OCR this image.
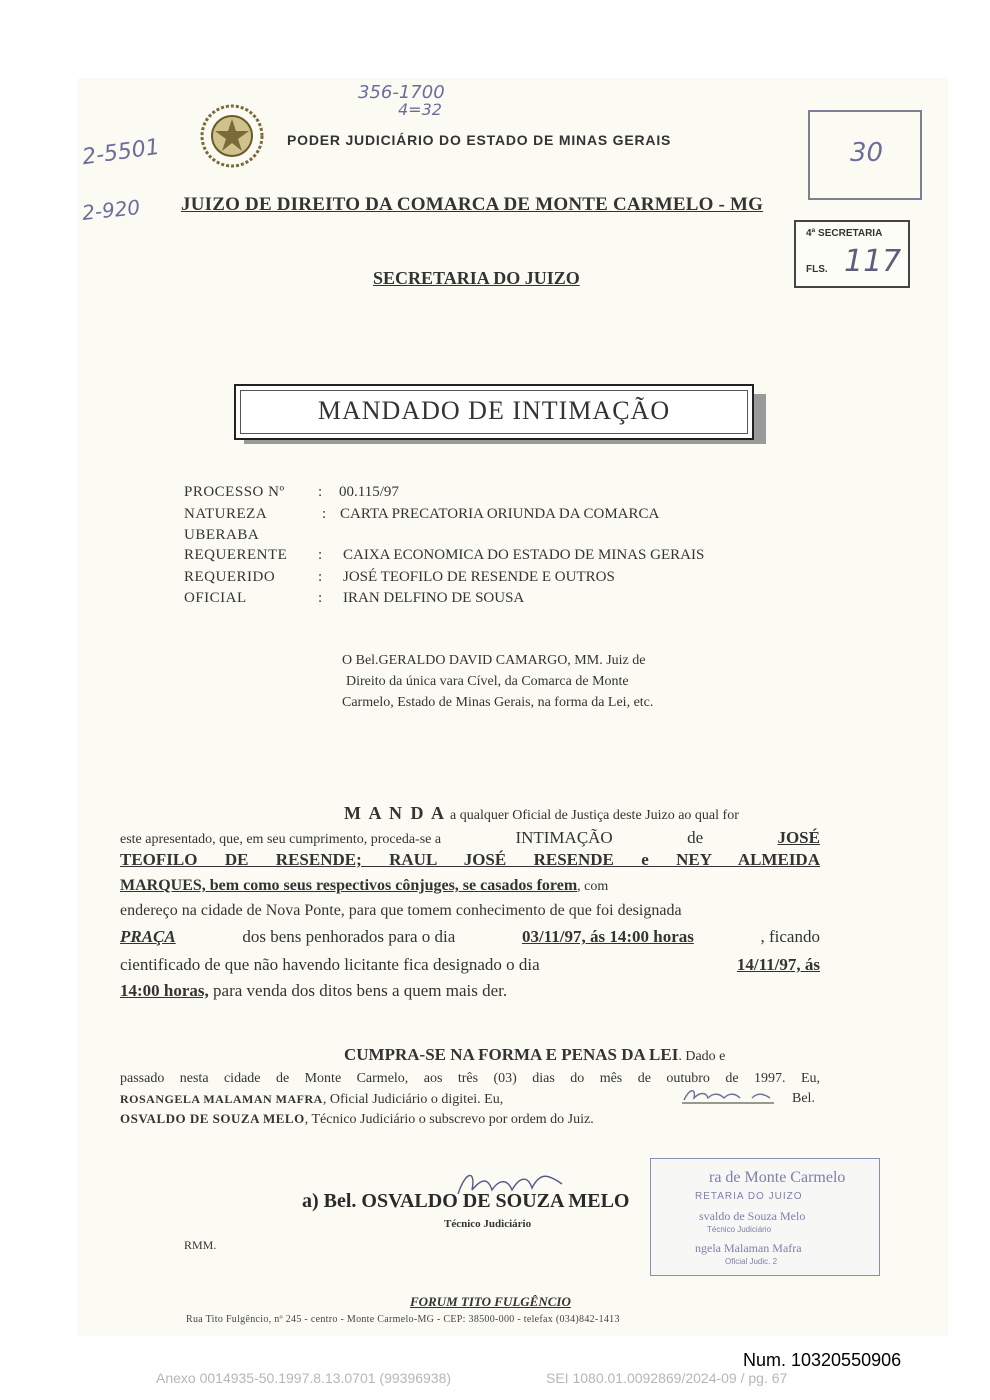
PODER JUDICIÁRIO DO ESTADO DE MINAS GERAIS
JUIZO DE DIREITO DA COMARCA DE MONTE CARMELO - MG
SECRETARIA DO JUIZO
356-1700
4=32
2-5501
2-920
30
4ª SECRETARIA
FLS. 117
MANDADO DE INTIMAÇÃO
PROCESSO Nº : 00.115/97
NATUREZA	: CARTA PRECATORIA ORIUNDA DA COMARCA
UBERABA
REQUERENTE : CAIXA ECONOMICA DO ESTADO DE MINAS GERAIS
REQUERIDO	: JOSÉ TEOFILO DE RESENDE E OUTROS
OFICIAL	: IRAN DELFINO DE SOUSA
O Bel.GERALDO DAVID CAMARGO, MM. Juiz de
Direito da única vara Cível, da Comarca de Monte
Carmelo, Estado de Minas Gerais, na forma da Lei, etc.
M A N D A a qualquer Oficial de Justiça deste Juizo ao qual for
este apresentado, que, em seu cumprimento, proceda-se a	INTIMAÇÃO	de	JOSÉ
TEOFILO DE RESENDE; RAUL JOSÉ RESENDE e NEY ALMEIDA
MARQUES, bem como seus respectivos cônjuges, se casados forem, com
endereço na cidade de Nova Ponte, para que tomem conhecimento de que foi designada
PRAÇA	dos bens penhorados para o dia	03/11/97, ás 14:00 horas	, ficando
cientificado de que não havendo licitante fica designado o dia	14/11/97, ás
14:00 horas, para venda dos ditos bens a quem mais der.
CUMPRA-SE NA FORMA E PENAS DA LEI. Dado e
passado nesta cidade de Monte Carmelo, aos três (03) dias do mês de outubro de 1997. Eu,
ROSANGELA MALAMAN MAFRA, Oficial Judiciário o digitei. Eu,	Bel.
OSVALDO DE SOUZA MELO, Técnico Judiciário o subscrevo por ordem do Juiz.
a) Bel. OSVALDO DE SOUZA MELO
Técnico Judiciário
RMM.
ra de Monte Carmelo
RETARIA DO JUIZO
svaldo de Souza Melo
Técnico Judiciário
ngela Malaman Mafra
Oficial Judic. 2
FORUM TITO FULGÊNCIO
Rua Tito Fulgêncio, nº 245 - centro - Monte Carmelo-MG - CEP: 38500-000 - telefax (034)842-1413
Num. 10320550906
Anexo 0014935-50.1997.8.13.0701 (99396938)	SEI 1080.01.0092869/2024-09 / pg. 67
